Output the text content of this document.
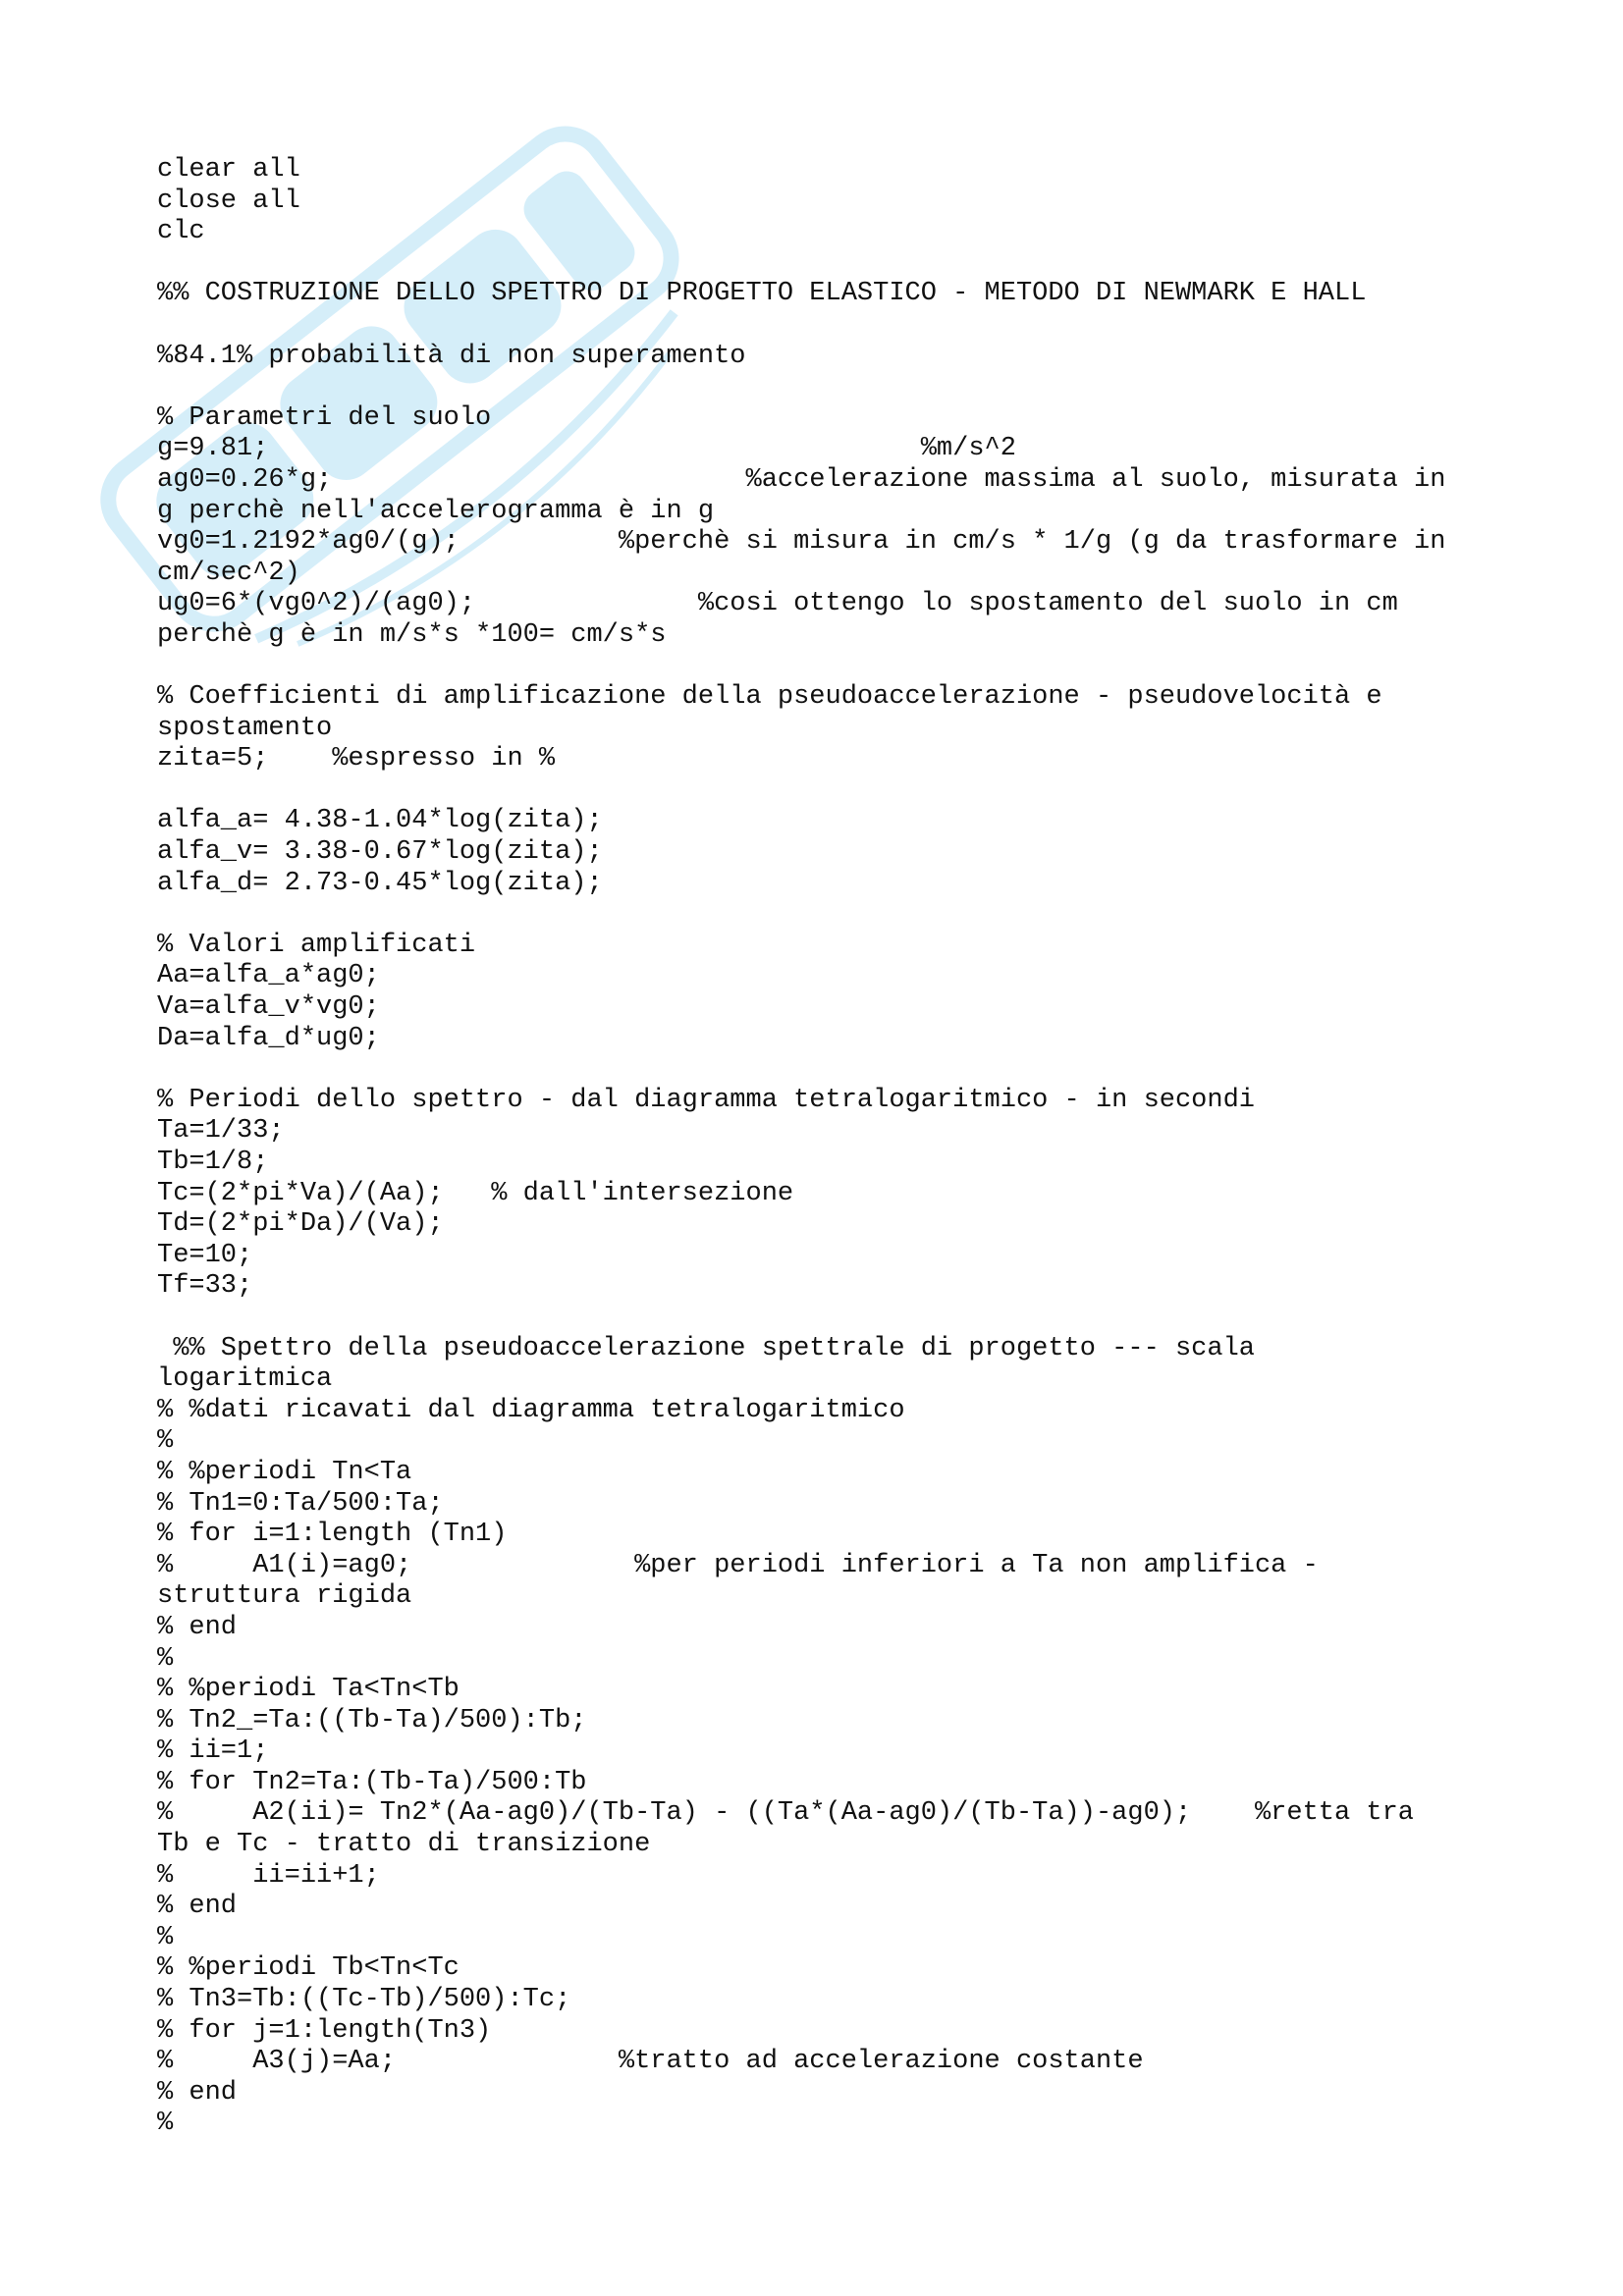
clear all
close all
clc
%% COSTRUZIONE DELLO SPETTRO DI PROGETTO ELASTICO - METODO DI NEWMARK E HALL
%84.1% probabilità di non superamento
% Parametri del suolo
g=9.81;                                         %m/s^2
ag0=0.26*g;                          %accelerazione massima al suolo, misurata in
g perchè nell'accelerogramma è in g
vg0=1.2192*ag0/(g);          %perchè si misura in cm/s * 1/g (g da trasformare in
cm/sec^2)
ug0=6*(vg0^2)/(ag0);              %cosi ottengo lo spostamento del suolo in cm
perchè g è in m/s*s *100= cm/s*s
% Coefficienti di amplificazione della pseudoaccelerazione - pseudovelocità e
spostamento
zita=5;    %espresso in %
alfa_a= 4.38-1.04*log(zita);
alfa_v= 3.38-0.67*log(zita);
alfa_d= 2.73-0.45*log(zita);
% Valori amplificati
Aa=alfa_a*ag0;
Va=alfa_v*vg0;
Da=alfa_d*ug0;
% Periodi dello spettro - dal diagramma tetralogaritmico - in secondi
Ta=1/33;
Tb=1/8;
Tc=(2*pi*Va)/(Aa);   % dall'intersezione
Td=(2*pi*Da)/(Va);
Te=10;
Tf=33;
%% Spettro della pseudoaccelerazione spettrale di progetto --- scala
logaritmica
% %dati ricavati dal diagramma tetralogaritmico
%
% %periodi Tn<Ta
% Tn1=0:Ta/500:Ta;
% for i=1:length (Tn1)
%     A1(i)=ag0;              %per periodi inferiori a Ta non amplifica -
struttura rigida
% end
%
% %periodi Ta<Tn<Tb
% Tn2_=Ta:((Tb-Ta)/500):Tb;
% ii=1;
% for Tn2=Ta:(Tb-Ta)/500:Tb
%     A2(ii)= Tn2*(Aa-ag0)/(Tb-Ta) - ((Ta*(Aa-ag0)/(Tb-Ta))-ag0);    %retta tra
Tb e Tc - tratto di transizione
%     ii=ii+1;
% end
%
% %periodi Tb<Tn<Tc
% Tn3=Tb:((Tc-Tb)/500):Tc;
% for j=1:length(Tn3)
%     A3(j)=Aa;              %tratto ad accelerazione costante
% end
%
